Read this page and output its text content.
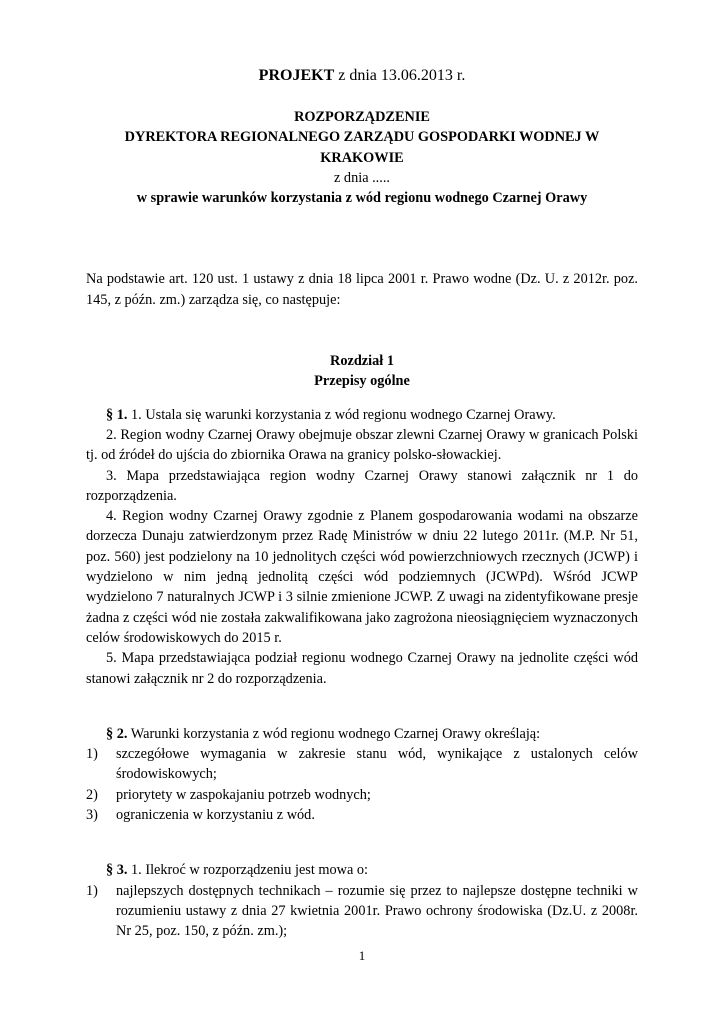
PROJEKT z dnia 13.06.2013 r.
ROZPORZĄDZENIE
DYREKTORA REGIONALNEGO ZARZĄDU GOSPODARKI WODNEJ W KRAKOWIE
z dnia .....
w sprawie warunków korzystania z wód regionu wodnego Czarnej Orawy

Na podstawie art. 120 ust. 1 ustawy z dnia 18 lipca 2001 r. Prawo wodne (Dz. U. z 2012r. poz. 145, z późn. zm.) zarządza się, co następuje:

Rozdział 1
Przepisy ogólne
§ 1. 1. Ustala się warunki korzystania z wód regionu wodnego Czarnej Orawy.
2. Region wodny Czarnej Orawy obejmuje obszar zlewni Czarnej Orawy w granicach Polski tj. od źródeł do ujścia do zbiornika Orawa na granicy polsko-słowackiej.
3. Mapa przedstawiająca region wodny Czarnej Orawy stanowi załącznik nr 1 do rozporządzenia.
4. Region wodny Czarnej Orawy zgodnie z Planem gospodarowania wodami na obszarze dorzecza Dunaju zatwierdzonym przez Radę Ministrów w dniu 22 lutego 2011r. (M.P. Nr 51, poz. 560) jest podzielony na 10 jednolitych części wód powierzchniowych rzecznych (JCWP) i wydzielono w nim jedną jednolitą części wód podziemnych (JCWPd). Wśród JCWP wydzielono 7 naturalnych JCWP i 3 silnie zmienione JCWP. Z uwagi na zidentyfikowane presje żadna z części wód nie została zakwalifikowana jako zagrożona nieosiągnięciem wyznaczonych celów środowiskowych do 2015 r.
5. Mapa przedstawiająca podział regionu wodnego Czarnej Orawy na jednolite części wód stanowi załącznik nr 2 do rozporządzenia.
§ 2. Warunki korzystania z wód regionu wodnego Czarnej Orawy określają:
1) szczegółowe wymagania w zakresie stanu wód, wynikające z ustalonych celów środowiskowych;
2) priorytety w zaspokajaniu potrzeb wodnych;
3) ograniczenia w korzystaniu z wód.
§ 3. 1. Ilekroć w rozporządzeniu jest mowa o:
1) najlepszych dostępnych technikach – rozumie się przez to najlepsze dostępne techniki w rozumieniu ustawy z dnia 27 kwietnia 2001r. Prawo ochrony środowiska (Dz.U. z 2008r. Nr 25, poz. 150, z późn. zm.);
1
